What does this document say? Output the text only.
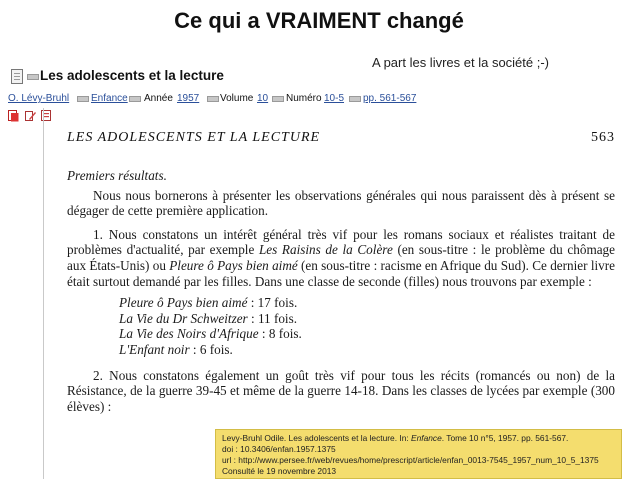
Ce qui a VRAIMENT changé
A part les livres et la société ;-)
Les adolescents et la lecture
O. Lévy-Bruhl Enfance Année 1957 Volume 10 Numéro 10-5 pp. 561-567
LES ADOLESCENTS ET LA LECTURE	563

Premiers résultats.

Nous nous bornerons à présenter les observations générales qui nous paraissent dès à présent se dégager de cette première application.

1. Nous constatons un intérêt général très vif pour les romans sociaux et réalistes traitant de problèmes d'actualité, par exemple Les Raisins de la Colère (en sous-titre : le problème du chômage aux États-Unis) ou Pleure ô Pays bien aimé (en sous-titre : racisme en Afrique du Sud). Ce dernier livre était surtout demandé par les filles. Dans une classe de seconde (filles) nous trouvons par exemple :

Pleure ô Pays bien aimé : 17 fois.

La Vie du Dr Schweitzer : 11 fois.

La Vie des Noirs d'Afrique : 8 fois.

L'Enfant noir : 6 fois.

2. Nous constatons également un goût très vif pour tous les récits (romancés ou non) de la Résistance, de la guerre 39-45 et même de la guerre 14-18. Dans les classes de lycées par exemple (300 élèves) :

Levy-Bruhl Odile. Les adolescents et la lecture. In: Enfance. Tome 10 n°5, 1957. pp. 561-567.
doi : 10.3406/enfan.1957.1375
url : http://www.persee.fr/web/revues/home/prescript/article/enfan_0013-7545_1957_num_10_5_1375
Consulté le 19 novembre 2013
